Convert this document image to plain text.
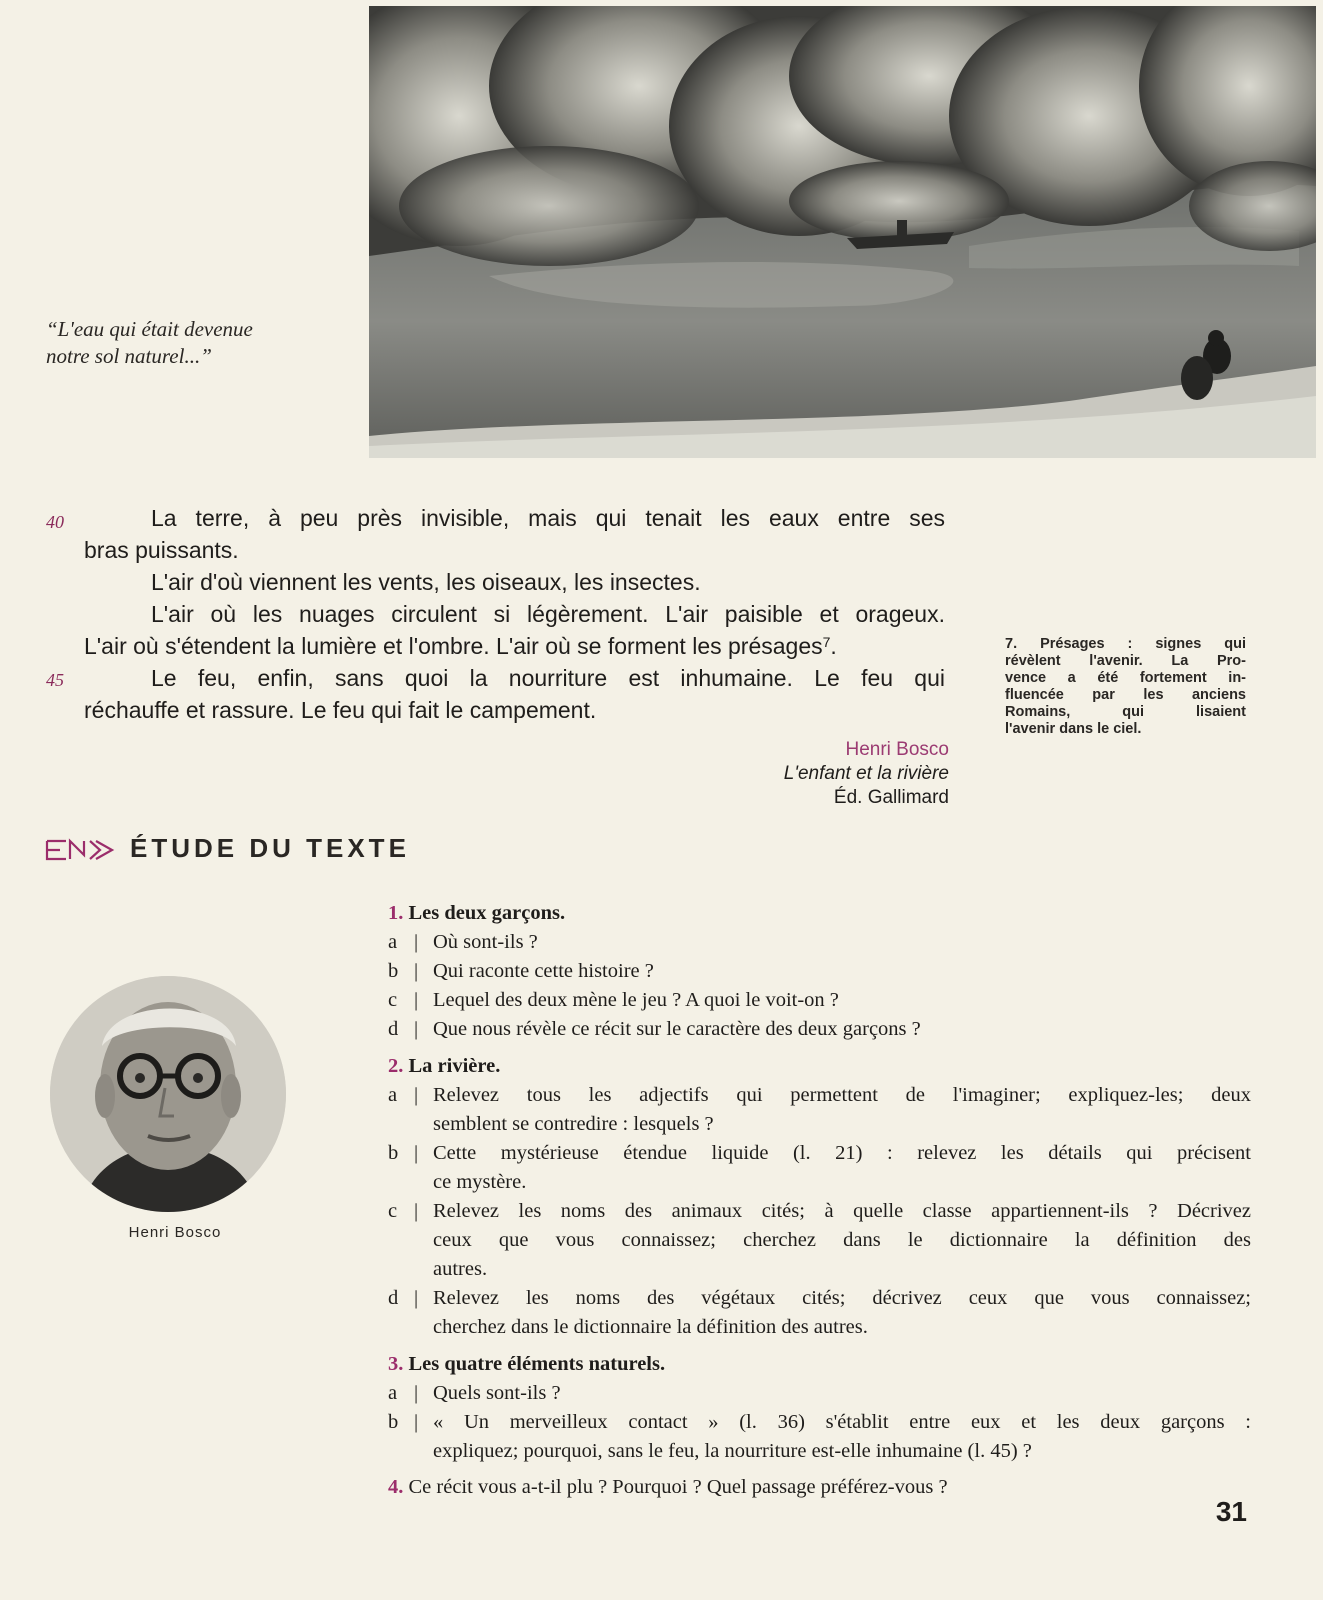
“L'eau qui était devenue
notre sol naturel...”
40
45
La terre, à peu près invisible, mais qui tenait les eaux entre ses
bras puissants.
L'air d'où viennent les vents, les oiseaux, les insectes.
L'air où les nuages circulent si légèrement. L'air paisible et orageux.
L'air où s'étendent la lumière et l'ombre. L'air où se forment les présages$^7$.
Le feu, enfin, sans quoi la nourriture est inhumaine. Le feu qui
réchauffe et rassure. Le feu qui fait le campement.
Henri Bosco
L'enfant et la rivière
Éd. Gallimard
7. Présages : signes qui
révèlent l'avenir. La Pro-
vence a été fortement in-
fluencée par les anciens
Romains, qui lisaient
l'avenir dans le ciel.
ÉTUDE DU TEXTE
Henri Bosco
1. Les deux garçons.
a | Où sont-ils ?
b | Qui raconte cette histoire ?
c | Lequel des deux mène le jeu ? A quoi le voit-on ?
d | Que nous révèle ce récit sur le caractère des deux garçons ?
2. La rivière.
a | Relevez tous les adjectifs qui permettent de l'imaginer; expliquez-les; deux
semblent se contredire : lesquels ?
b | Cette mystérieuse étendue liquide (l. 21) : relevez les détails qui précisent
ce mystère.
c | Relevez les noms des animaux cités; à quelle classe appartiennent-ils ? Décrivez
ceux que vous connaissez; cherchez dans le dictionnaire la définition des
autres.
d | Relevez les noms des végétaux cités; décrivez ceux que vous connaissez;
cherchez dans le dictionnaire la définition des autres.
3. Les quatre éléments naturels.
a | Quels sont-ils ?
b | « Un merveilleux contact » (l. 36) s'établit entre eux et les deux garçons :
expliquez; pourquoi, sans le feu, la nourriture est-elle inhumaine (l. 45) ?
4. Ce récit vous a-t-il plu ? Pourquoi ? Quel passage préférez-vous ?
31
